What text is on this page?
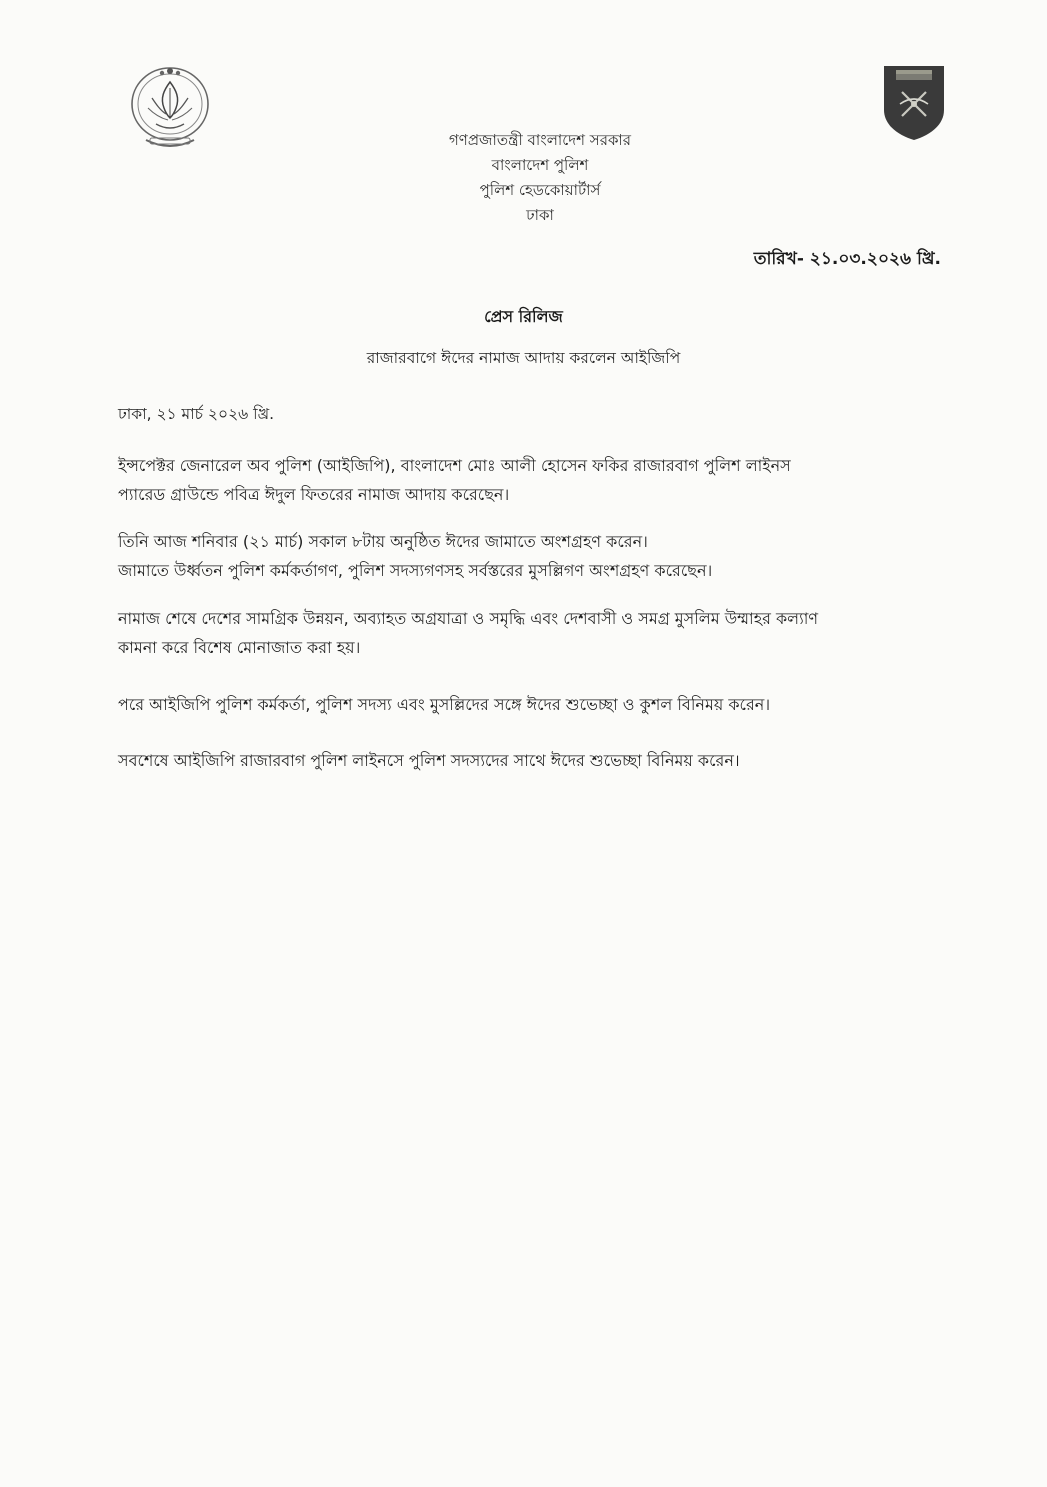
গণপ্রজাতন্ত্রী বাংলাদেশ সরকার
বাংলাদেশ পুলিশ
পুলিশ হেডকোয়ার্টার্স
ঢাকা
তারিখ- ২১.০৩.২০২৬ খ্রি.
প্রেস রিলিজ
রাজারবাগে ঈদের নামাজ আদায় করলেন আইজিপি
ঢাকা, ২১ মার্চ ২০২৬ খ্রি.
ইন্সপেক্টর জেনারেল অব পুলিশ (আইজিপি), বাংলাদেশ মোঃ আলী হোসেন ফকির রাজারবাগ পুলিশ লাইনস
প্যারেড গ্রাউন্ডে পবিত্র ঈদুল ফিতরের নামাজ আদায় করেছেন।
তিনি আজ শনিবার (২১ মার্চ) সকাল ৮টায় অনুষ্ঠিত ঈদের জামাতে অংশগ্রহণ করেন।
জামাতে উর্ধ্বতন পুলিশ কর্মকর্তাগণ, পুলিশ সদস্যগণসহ সর্বস্তরের মুসল্লিগণ অংশগ্রহণ করেছেন।
নামাজ শেষে দেশের সামগ্রিক উন্নয়ন, অব্যাহত অগ্রযাত্রা ও সমৃদ্ধি এবং দেশবাসী ও সমগ্র মুসলিম উম্মাহর কল্যাণ
কামনা করে বিশেষ মোনাজাত করা হয়।
পরে আইজিপি পুলিশ কর্মকর্তা, পুলিশ সদস্য এবং মুসল্লিদের সঙ্গে ঈদের শুভেচ্ছা ও কুশল বিনিময় করেন।
সবশেষে আইজিপি রাজারবাগ পুলিশ লাইনসে পুলিশ সদস্যদের সাথে ঈদের শুভেচ্ছা বিনিময় করেন।
